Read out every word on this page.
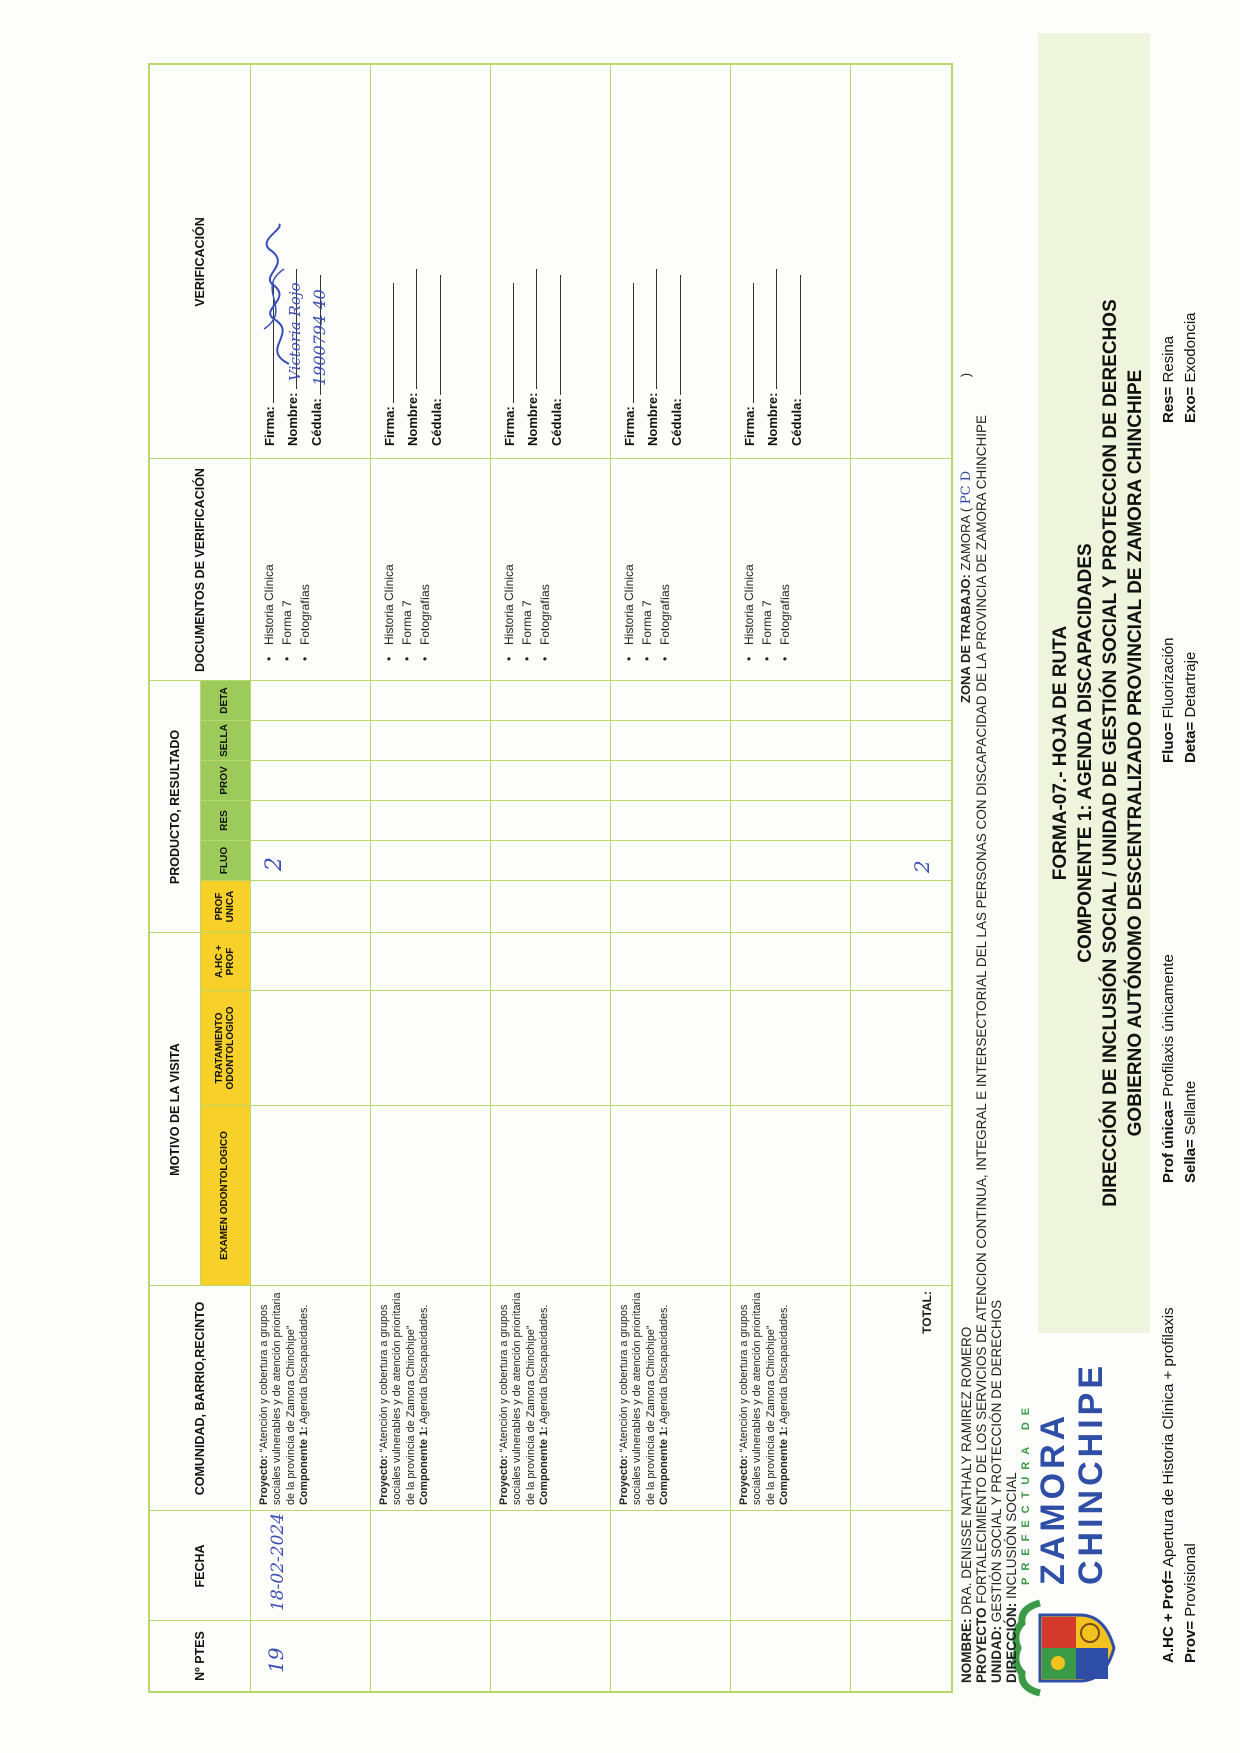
PREFECTURA DE ZAMORA CHINCHIPE
GOBIERNO AUTÓNOMO DESCENTRALIZADO PROVINCIAL DE ZAMORA CHINCHIPE
DIRECCIÓN DE INCLUSIÓN SOCIAL / UNIDAD DE GESTIÓN SOCIAL Y PROTECCION DE DERECHOS
COMPONENTE 1: AGENDA DISCAPACIDADES
FORMA-07.- HOJA DE RUTA
DIRECCIÓN: INCLUSIÓN SOCIAL
UNIDAD: GESTIÓN SOCIAL Y PROTECCIÓN DE DERECHOS
PROYECTO FORTALECIMIENTO DE LOS SERVICIOS DE ATENCION CONTINUA, INTEGRAL E INTERSECTORIAL DEL LAS PERSONAS CON DISCAPACIDAD DE LA PROVINCIA DE ZAMORA CHINCHIPE
NOMBRE: DRA. DENISSE NATHALY RAMIREZ ROMERO
ZONA DE TRABAJO: ZAMORA ( PC D )
Nº PTES
FECHA
COMUNIDAD, BARRIO,RECINTO
MOTIVO DE LA VISITA
PRODUCTO, RESULTADO
DOCUMENTOS DE VERIFICACIÓN
VERIFICACIÓN
EXAMEN ODONTOLOGICO
TRATAMIENTO ODONTOLOGICO
A.HC + PROF
PROF UNICA
FLUO
RES
PROV
SELLA
DETA
Proyecto: “Atención y cobertura a grupos sociales vulnerables y de atención prioritaria de la provincia de Zamora Chinchipe”
Componente 1: Agenda Discapacidades.
• Historia Clínica • Forma 7 • Fotografías
Firma: Nombre: Cédula:
Proyecto: “Atención y cobertura a grupos sociales vulnerables y de atención prioritaria de la provincia de Zamora Chinchipe”
Componente 1: Agenda Discapacidades.
• Historia Clínica • Forma 7 • Fotografías
Firma: Nombre: Cédula:
Proyecto: “Atención y cobertura a grupos sociales vulnerables y de atención prioritaria de la provincia de Zamora Chinchipe”
Componente 1: Agenda Discapacidades.
• Historia Clínica • Forma 7 • Fotografías
Firma: Nombre: Cédula:
Proyecto: “Atención y cobertura a grupos sociales vulnerables y de atención prioritaria de la provincia de Zamora Chinchipe”
Componente 1: Agenda Discapacidades.
• Historia Clínica • Forma 7 • Fotografías
Firma: Nombre: Cédula:
Proyecto: “Atención y cobertura a grupos sociales vulnerables y de atención prioritaria de la provincia de Zamora Chinchipe”
Componente 1: Agenda Discapacidades.
• Historia Clínica • Forma 7 • Fotografías
Firma: Nombre: Cédula:
TOTAL:
2
19
18-02-2024
2
Victoria Rojo 1900794 40
A.HC + Prof= Apertura de Historia Clínica + profilaxis
Prov= Provisional
Prof única= Profilaxis únicamente
Sella= Sellante
Fluo= Fluorización
Deta= Detartraje
Res= Resina
Exo= Exodoncia
